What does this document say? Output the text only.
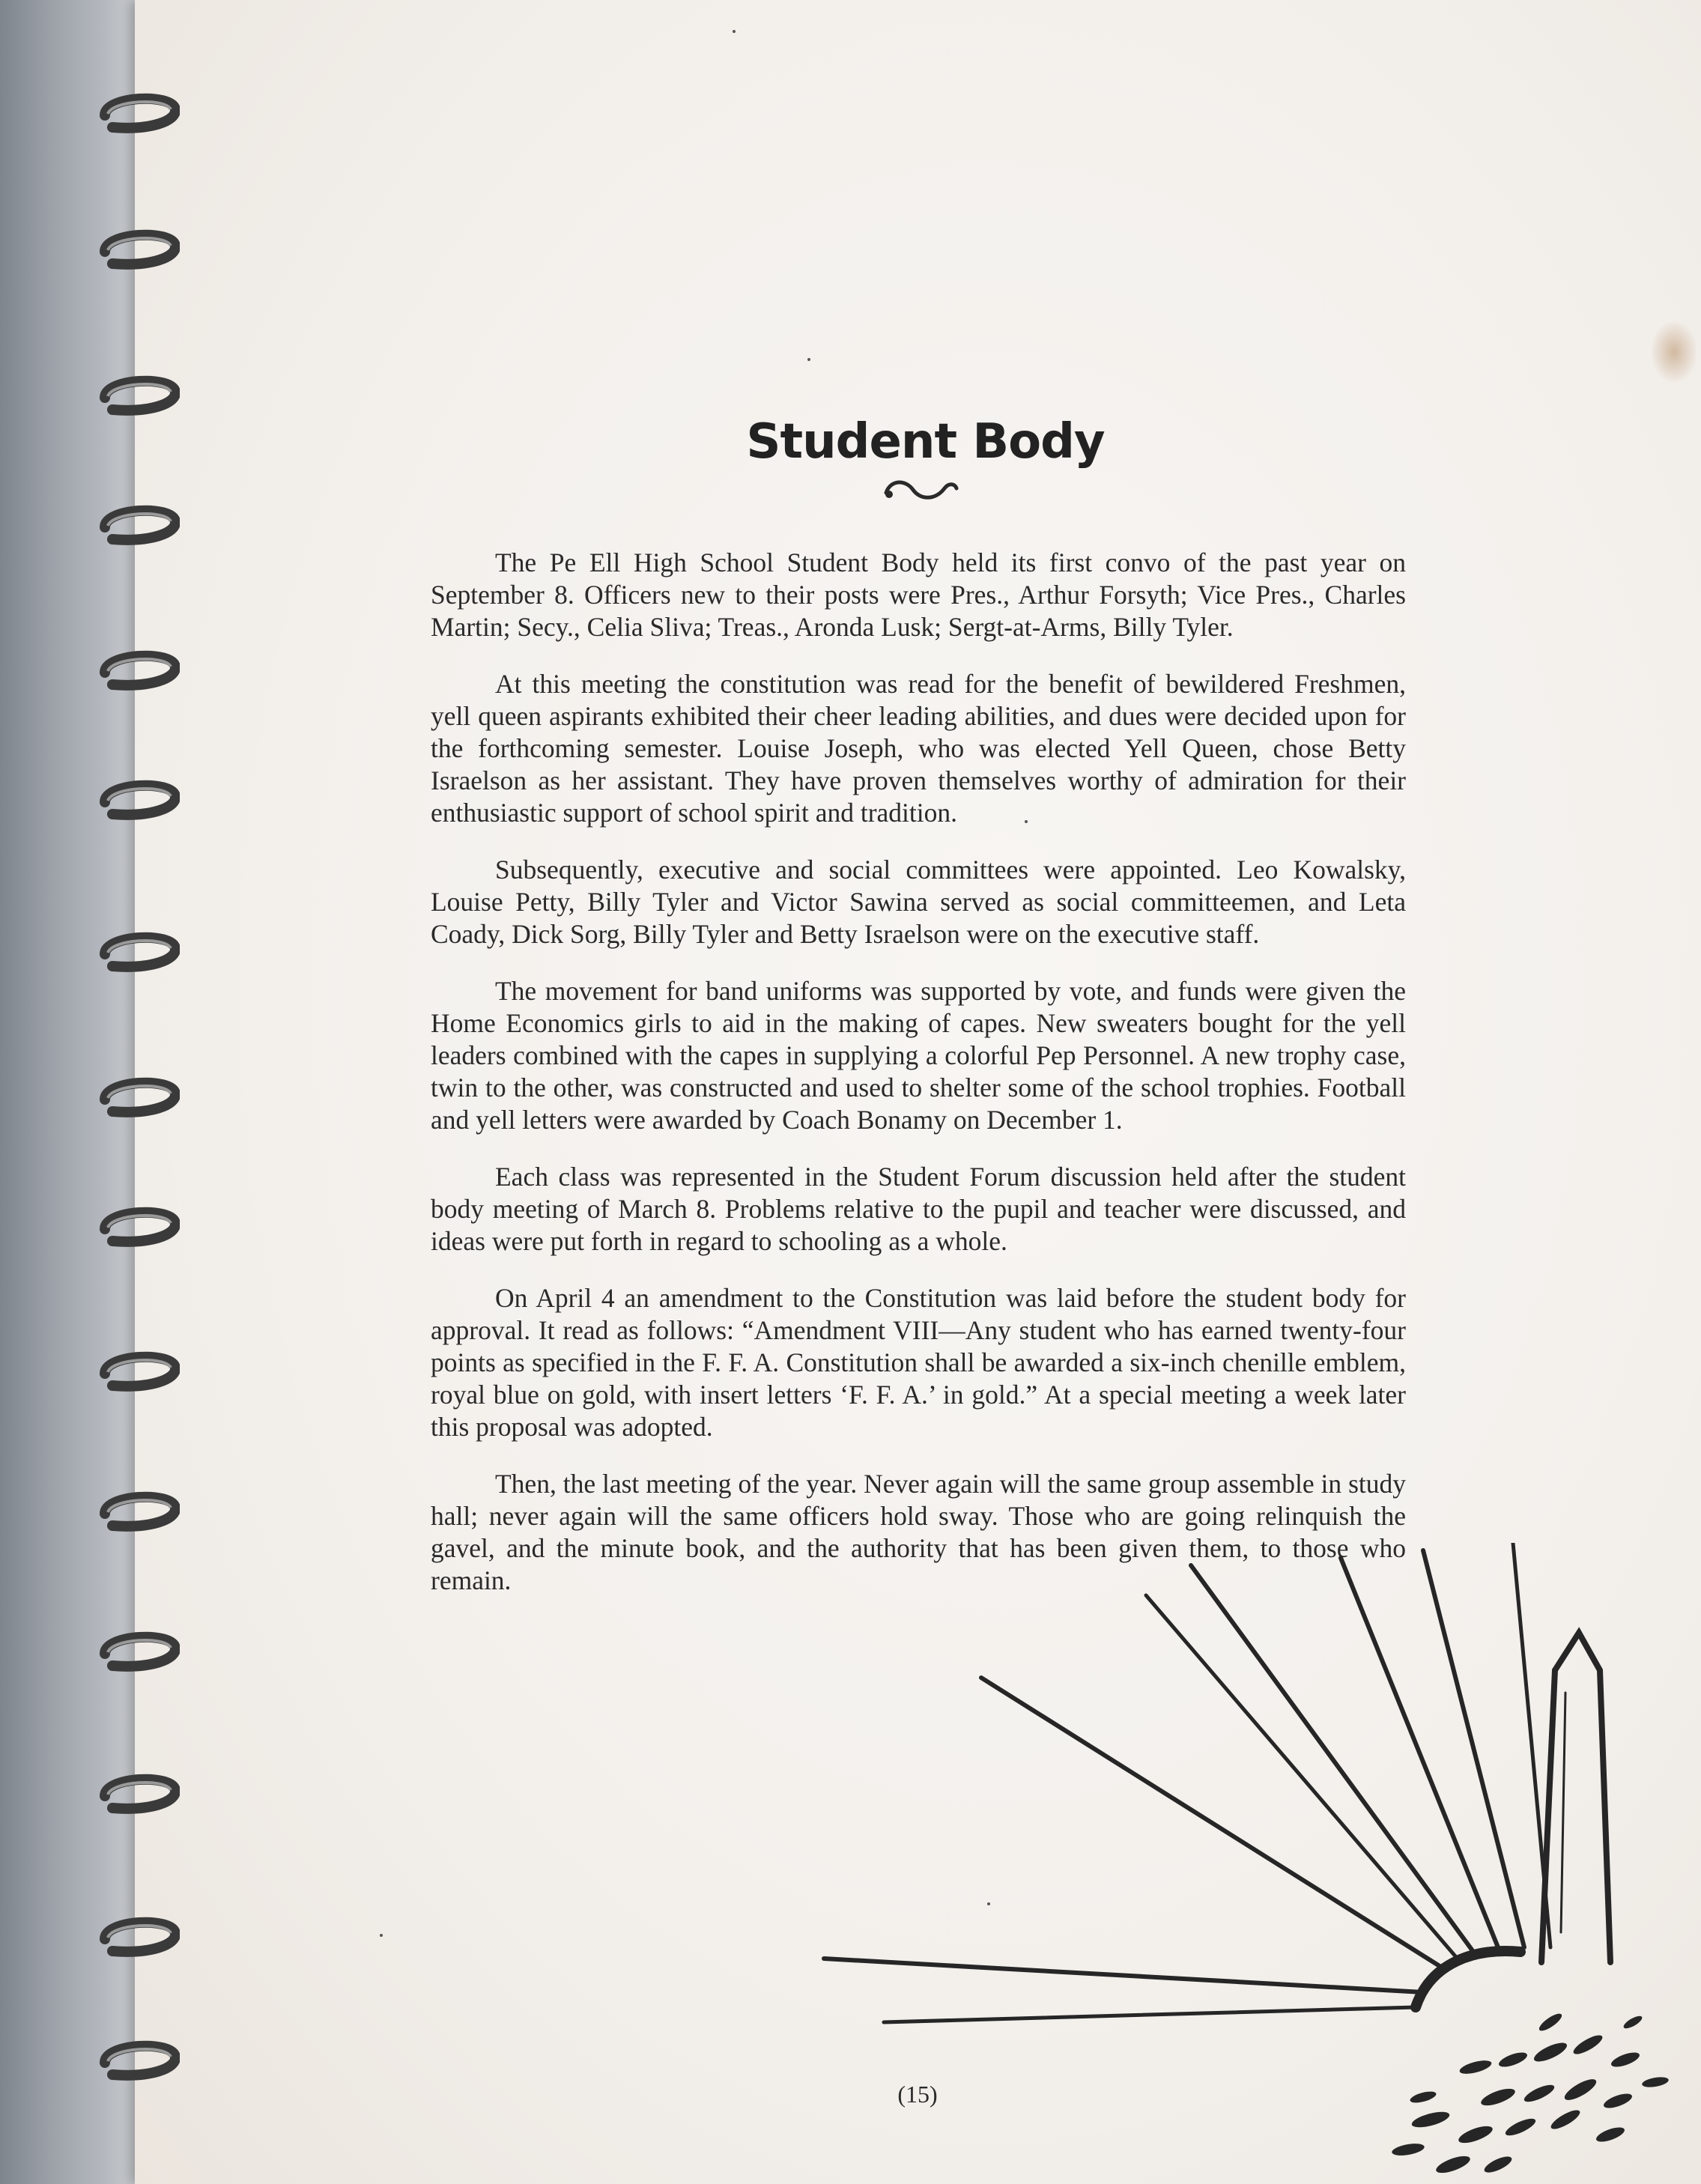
Student Body

The Pe Ell High School Student Body held its first convo of the past year on September 8. Officers new to their posts were Pres., Arthur Forsyth; Vice Pres., Charles Martin; Secy., Celia Sliva; Treas., Aronda Lusk; Sergt-at-Arms, Billy Tyler.

At this meeting the constitution was read for the benefit of bewildered Freshmen, yell queen aspirants exhibited their cheer leading abilities, and dues were decided upon for the forthcoming semester. Louise Joseph, who was elected Yell Queen, chose Betty Israelson as her assistant. They have proven themselves worthy of admiration for their enthusiastic support of school spirit and tradition.

Subsequently, executive and social committees were appointed. Leo Kowalsky, Louise Petty, Billy Tyler and Victor Sawina served as social committeemen, and Leta Coady, Dick Sorg, Billy Tyler and Betty Israelson were on the executive staff.

The movement for band uniforms was supported by vote, and funds were given the Home Economics girls to aid in the making of capes. New sweaters bought for the yell leaders combined with the capes in supplying a colorful Pep Personnel. A new trophy case, twin to the other, was constructed and used to shelter some of the school trophies. Football and yell letters were awarded by Coach Bonamy on December 1.

Each class was represented in the Student Forum discussion held after the student body meeting of March 8. Problems relative to the pupil and teacher were discussed, and ideas were put forth in regard to schooling as a whole.

On April 4 an amendment to the Constitution was laid before the student body for approval. It read as follows: “Amendment VIII—Any student who has earned twenty-four points as specified in the F. F. A. Constitution shall be awarded a six-inch chenille emblem, royal blue on gold, with insert letters ‘F. F. A.’ in gold.” At a special meeting a week later this proposal was adopted.

Then, the last meeting of the year. Never again will the same group assemble in study hall; never again will the same officers hold sway. Those who are going relinquish the gavel, and the minute book, and the authority that has been given them, to those who remain.

(15)
